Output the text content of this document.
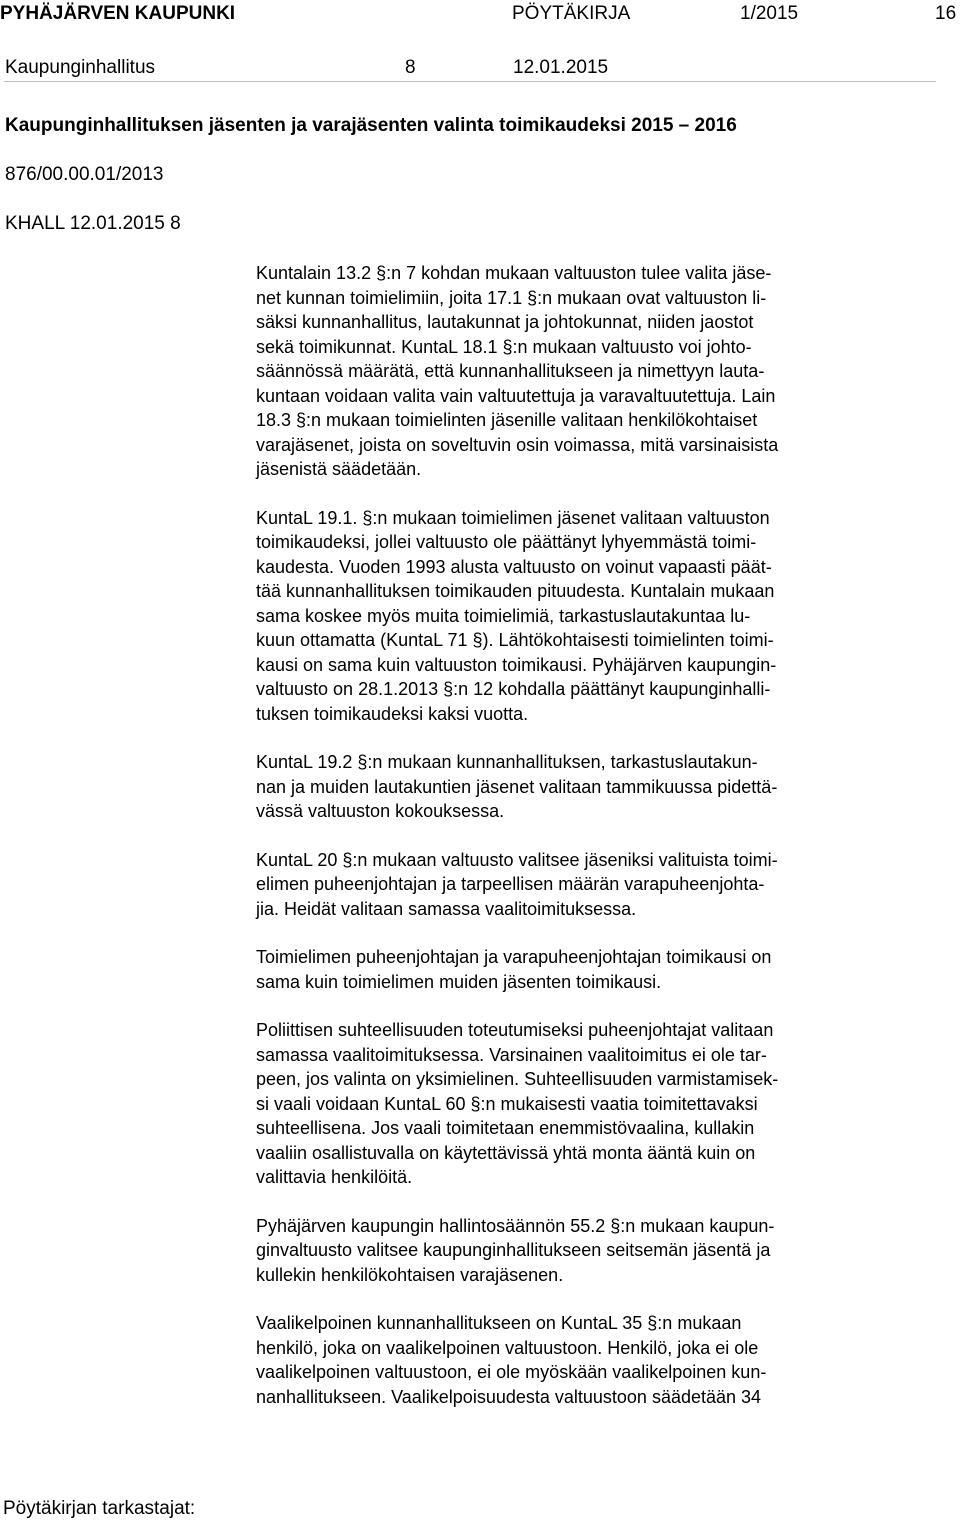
PYHÄJÄRVEN KAUPUNKI	PÖYTÄKIRJA	1/2015	16
Kaupunginhallitus	8	12.01.2015
Kaupunginhallituksen jäsenten ja varajäsenten valinta toimikaudeksi 2015 – 2016
876/00.00.01/2013
KHALL 12.01.2015 8

Kuntalain 13.2 §:n 7 kohdan mukaan valtuuston tulee valita jäse-
net kunnan toimielimiin, joita 17.1 §:n mukaan ovat valtuuston li-
säksi kunnanhallitus, lautakunnat ja johtokunnat, niiden jaostot
sekä toimikunnat. KuntaL 18.1 §:n mukaan valtuusto voi johto-
säännössä määrätä, että kunnanhallitukseen ja nimettyyn lauta-
kuntaan voidaan valita vain valtuutettuja ja varavaltuutettuja. Lain
18.3 §:n mukaan toimielinten jäsenille valitaan henkilökohtaiset
varajäsenet, joista on soveltuvin osin voimassa, mitä varsinaisista
jäsenistä säädetään.

KuntaL 19.1. §:n mukaan toimielimen jäsenet valitaan valtuuston
toimikaudeksi, jollei valtuusto ole päättänyt lyhyemmästä toimi-
kaudesta. Vuoden 1993 alusta valtuusto on voinut vapaasti päät-
tää kunnanhallituksen toimikauden pituudesta. Kuntalain mukaan
sama koskee myös muita toimielimiä, tarkastuslautakuntaa lu-
kuun ottamatta (KuntaL 71 §). Lähtökohtaisesti toimielinten toimi-
kausi on sama kuin valtuuston toimikausi. Pyhäjärven kaupungin-
valtuusto on 28.1.2013 §:n 12 kohdalla päättänyt kaupunginhalli-
tuksen toimikaudeksi kaksi vuotta.

KuntaL 19.2 §:n mukaan kunnanhallituksen, tarkastuslautakun-
nan ja muiden lautakuntien jäsenet valitaan tammikuussa pidettä-
vässä valtuuston kokouksessa.

KuntaL 20 §:n mukaan valtuusto valitsee jäseniksi valituista toimi-
elimen puheenjohtajan ja tarpeellisen määrän varapuheenjohta-
jia. Heidät valitaan samassa vaalitoimituksessa.

Toimielimen puheenjohtajan ja varapuheenjohtajan toimikausi on
sama kuin toimielimen muiden jäsenten toimikausi.

Poliittisen suhteellisuuden toteutumiseksi puheenjohtajat valitaan
samassa vaalitoimituksessa. Varsinainen vaalitoimitus ei ole tar-
peen, jos valinta on yksimielinen. Suhteellisuuden varmistamisek-
si vaali voidaan KuntaL 60 §:n mukaisesti vaatia toimitettavaksi
suhteellisena. Jos vaali toimitetaan enemmistövaalina, kullakin
vaaliin osallistuvalla on käytettävissä yhtä monta ääntä kuin on
valittavia henkilöitä.

Pyhäjärven kaupungin hallintosäännön 55.2 §:n mukaan kaupun-
ginvaltuusto valitsee kaupunginhallitukseen seitsemän jäsentä ja
kullekin henkilökohtaisen varajäsenen.

Vaalikelpoinen kunnanhallitukseen on KuntaL 35 §:n mukaan
henkilö, joka on vaalikelpoinen valtuustoon. Henkilö, joka ei ole
vaalikelpoinen valtuustoon, ei ole myöskään vaalikelpoinen kun-
nanhallitukseen. Vaalikelpoisuudesta valtuustoon säädetään 34

Pöytäkirjan tarkastajat:
